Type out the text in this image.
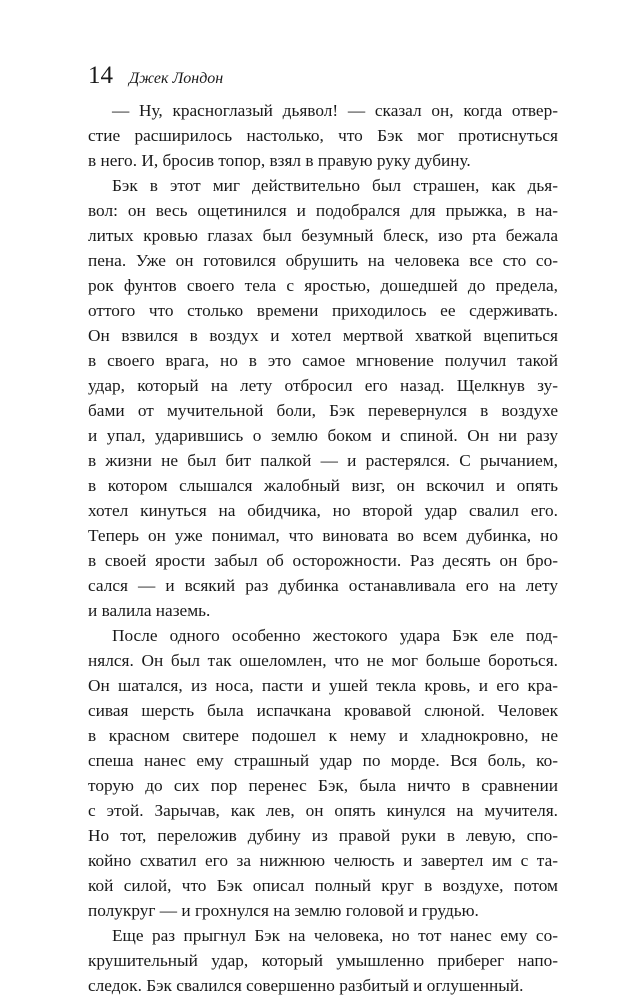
14 Джек Лондон

— Ну, красноглазый дьявол! — сказал он, когда отвер-
стие расширилось настолько, что Бэк мог протиснуться
в него. И, бросив топор, взял в правую руку дубину.

Бэк в этот миг действительно был страшен, как дья-
вол: он весь ощетинился и подобрался для прыжка, в на-
литых кровью глазах был безумный блеск, изо рта бежала
пена. Уже он готовился обрушить на человека все сто со-
рок фунтов своего тела с яростью, дошедшей до предела,
оттого что столько времени приходилось ее сдерживать.
Он взвился в воздух и хотел мертвой хваткой вцепиться
в своего врага, но в это самое мгновение получил такой
удар, который на лету отбросил его назад. Щелкнув зу-
бами от мучительной боли, Бэк перевернулся в воздухе
и упал, ударившись о землю боком и спиной. Он ни разу
в жизни не был бит палкой — и растерялся. С рычанием,
в котором слышался жалобный визг, он вскочил и опять
хотел кинуться на обидчика, но второй удар свалил его.
Теперь он уже понимал, что виновата во всем дубинка, но
в своей ярости забыл об осторожности. Раз десять он бро-
сался — и всякий раз дубинка останавливала его на лету
и валила наземь.

После одного особенно жестокого удара Бэк еле под-
нялся. Он был так ошеломлен, что не мог больше бороться.
Он шатался, из носа, пасти и ушей текла кровь, и его кра-
сивая шерсть была испачкана кровавой слюной. Человек
в красном свитере подошел к нему и хладнокровно, не
спеша нанес ему страшный удар по морде. Вся боль, ко-
торую до сих пор перенес Бэк, была ничто в сравнении
с этой. Зарычав, как лев, он опять кинулся на мучителя.
Но тот, переложив дубину из правой руки в левую, спо-
койно схватил его за нижнюю челюсть и завертел им с та-
кой силой, что Бэк описал полный круг в воздухе, потом
полукруг — и грохнулся на землю головой и грудью.

Еще раз прыгнул Бэк на человека, но тот нанес ему со-
крушительный удар, который умышленно приберег напо-
следок. Бэк свалился совершенно разбитый и оглушенный.
